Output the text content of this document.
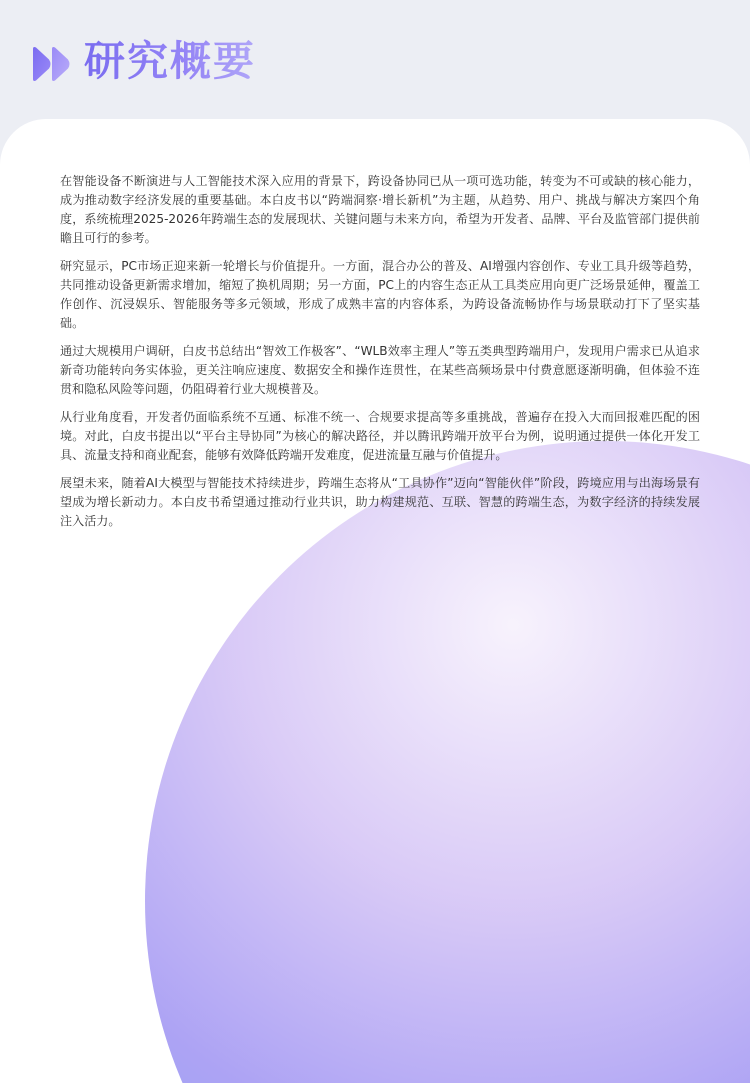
研究概要

在智能设备不断演进与人工智能技术深入应用的背景下，跨设备协同已从一项可选功能，转变为不可或缺的核心能力，成为推动数字经济发展的重要基础。本白皮书以“跨端洞察·增长新机”为主题，从趋势、用户、挑战与解决方案四个角度，系统梳理2025-2026年跨端生态的发展现状、关键问题与未来方向，希望为开发者、品牌、平台及监管部门提供前瞻且可行的参考。

研究显示，PC市场正迎来新一轮增长与价值提升。一方面，混合办公的普及、AI增强内容创作、专业工具升级等趋势，共同推动设备更新需求增加，缩短了换机周期；另一方面，PC上的内容生态正从工具类应用向更广泛场景延伸，覆盖工作创作、沉浸娱乐、智能服务等多元领域，形成了成熟丰富的内容体系，为跨设备流畅协作与场景联动打下了坚实基础。

通过大规模用户调研，白皮书总结出“智效工作极客”、“WLB效率主理人”等五类典型跨端用户，发现用户需求已从追求新奇功能转向务实体验，更关注响应速度、数据安全和操作连贯性，在某些高频场景中付费意愿逐渐明确，但体验不连贯和隐私风险等问题，仍阻碍着行业大规模普及。

从行业角度看，开发者仍面临系统不互通、标准不统一、合规要求提高等多重挑战，普遍存在投入大而回报难匹配的困境。对此，白皮书提出以“平台主导协同”为核心的解决路径，并以腾讯跨端开放平台为例，说明通过提供一体化开发工具、流量支持和商业配套，能够有效降低跨端开发难度，促进流量互融与价值提升。

展望未来，随着AI大模型与智能技术持续进步，跨端生态将从“工具协作”迈向“智能伙伴”阶段，跨境应用与出海场景有望成为增长新动力。本白皮书希望通过推动行业共识，助力构建规范、互联、智慧的跨端生态，为数字经济的持续发展注入活力。
